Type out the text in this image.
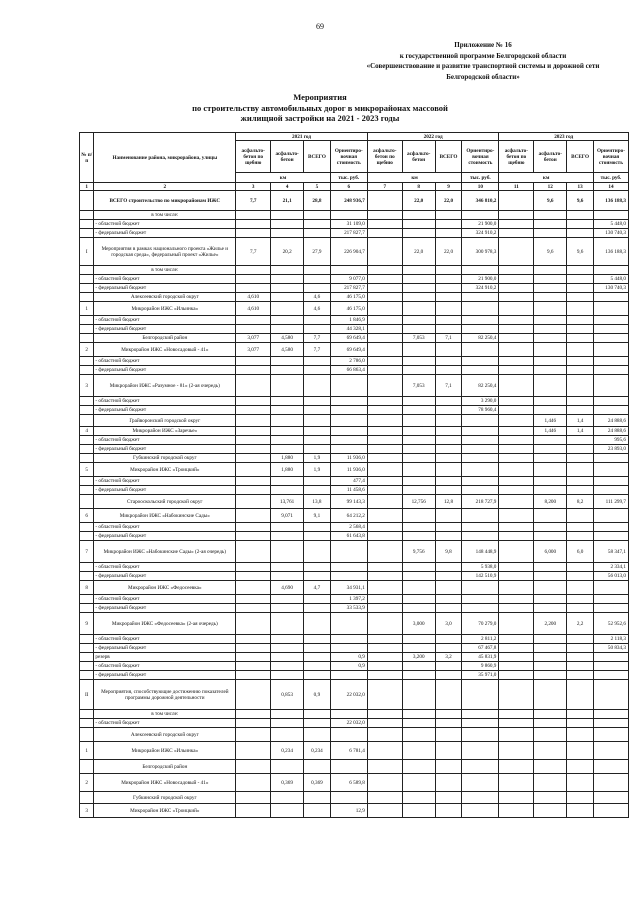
69
Приложение № 16
к государственной программе Белгородской области
«Совершенствование и развитие транспортной системы и дорожной сети
Белгородской области»
Мероприятия
по строительству автомобильных дорог в микрорайонах массовой
жилищной застройки на 2021 - 2023 годы
№ п/п	Наименование района, микрорайона, улицы	2021 год				2022 год				2023 год			
		асфальто-бетон по щебню	асфальто-бетон	ВСЕГО	Ориентиро-вочная стоимость	асфальто-бетон по щебню	асфальто-бетон	ВСЕГО	Ориентиро-вочная стоимость	асфальто-бетон по щебню	асфальто-бетон	ВСЕГО	Ориентиро-вочная стоимость
		км			тыс. руб.	км			тыс. руб.	км			тыс. руб.
1	2	3	4	5	6	7	8	9	10	11	12	13	14
	ВСЕГО строительство по микрорайонам ИЖС	7,7	21,1	28,8	248 936,7		22,0	22,0	346 810,2		9,6	9,6	136 188,3
	в том числе:												
	- областной бюджет				31 109,0				21 900,0				5 448,0
	- федеральный бюджет				217 827,7				324 910,2				130 740,3
I	Мероприятия в рамках национального проекта «Жилье и городская среда», федеральный проект «Жилье»	7,7	20,2	27,9	226 904,7		22,0	22,0	300 978,3		9,6	9,6	136 188,3
	в том числе:												
	- областной бюджет				9 077,0				21 900,0				5 448,0
	- федеральный бюджет				217 827,7				324 910,2				130 740,3
	Алексеевский городской округ	4,610		4,6	46 175,0								
1	Микрорайон ИЖС «Ильинка»	4,610		4,6	46 175,0								
	- областной бюджет				1 846,9								
	- федеральный бюджет				44 328,1								
	Белгородский район	3,077	4,580	7,7	69 649,4		7,053	7,1	82 250,4				
2	Микрорайон ИЖС «Новосадовый - 41»	3,077	4,580	7,7	69 649,4								
	- областной бюджет				2 786,0								
	- федеральный бюджет				66 863,4								
3	Микрорайон ИЖС «Разумное - 81» (2-ая очередь)						7,053	7,1	82 250,4				
	- областной бюджет								3 290,0				
	- федеральный бюджет								78 960,4				
	Грайворонский городской округ										1,446	1,4	24 888,6
4	Микрорайон ИЖС «Заречье»										1,446	1,4	24 888,6
	- областной бюджет												995,6
	- федеральный бюджет												23 893,0
	Губкинский городской округ		1,880	1,9	11 936,0								
5	Микрорайон ИЖС «Троицкий»		1,880	1,9	11 936,0								
	- областной бюджет				477,4								
	- федеральный бюджет				11 458,6								
	Старооскольский городской округ		13,761	13,8	99 143,3		12,756	12,8	218 727,9		8,200	8,2	111 299,7
6	Микрорайон ИЖС «Набокинские Сады»		9,071	9,1	64 212,2								
	- областной бюджет				2 568,4								
	- федеральный бюджет				61 643,8								
7	Микрорайон ИЖС «Набокинские Сады» (2-ая очередь)						9,756	9,8	148 448,9		6,000	6,0	58 347,1
	- областной бюджет								5 938,0				2 334,1
	- федеральный бюджет								142 510,9				56 013,0
8	Микрорайон ИЖС «Федосеевка»		4,690	4,7	34 931,1								
	- областной бюджет				1 397,2								
	- федеральный бюджет				33 533,9								
9	Микрорайон ИЖС «Федосеевка» (2-ая очередь)						3,000	3,0	70 279,0		2,200	2,2	52 952,6
	- областной бюджет								2 811,2				2 118,3
	- федеральный бюджет								67 467,8				50 834,3
	резерв				0,9		3,200	3,2	45 831,9				
	- областной бюджет				0,9				9 860,9				
	- федеральный бюджет								35 971,0				
II	Мероприятия, способствующие достижению показателей программы дорожной деятельности		0,853	0,9	22 032,0								
	в том числе:												
	- областной бюджет				22 032,0								
	Алексеевский городской округ												
1	Микрорайон ИЖС «Ильинка»		0,234	0,234	6 781,4								
	Белгородский район												
2	Микрорайон ИЖС «Новосадовый - 41»		0,369	0,369	6 589,8								
	Губкинский городской округ												
3	Микрорайон ИЖС «Троицкий»				12,9								
